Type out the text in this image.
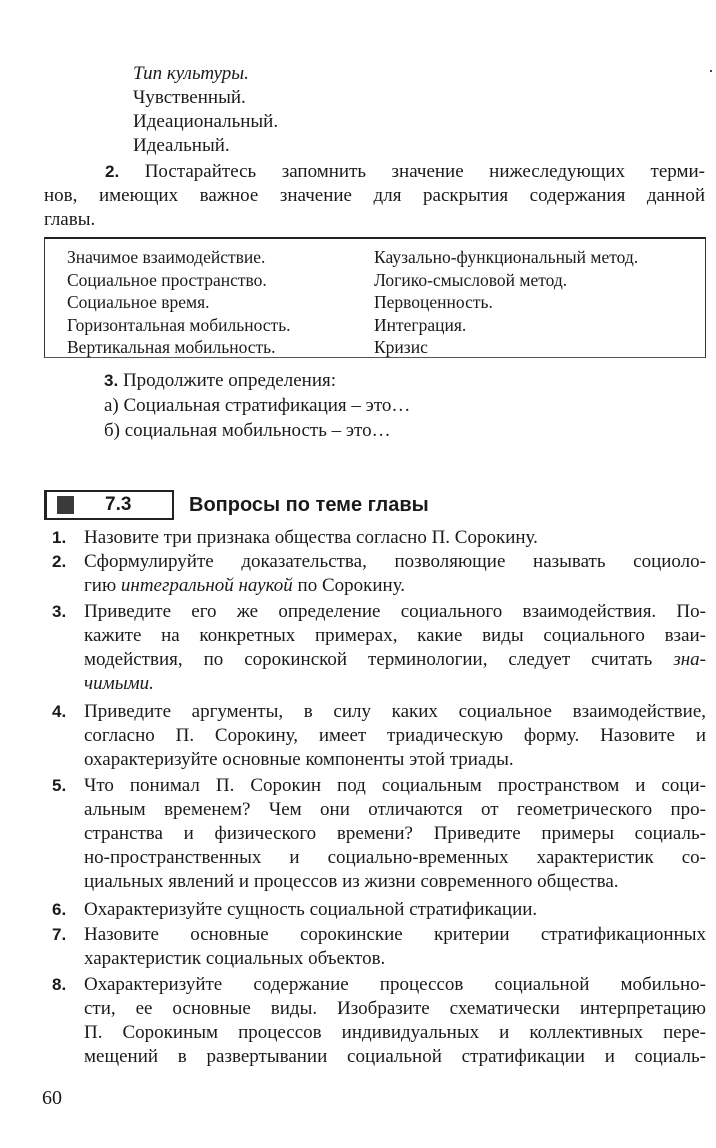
Тип культуры.
Чувственный.
Идеациональный.
Идеальный.
2. Постарайтесь запомнить значение нижеследующих терми-
нов, имеющих важное значение для раскрытия содержания данной
главы.
Значимое взаимодействие.
Социальное пространство.
Социальное время.
Горизонтальная мобильность.
Вертикальная мобильность.
Каузально-функциональный метод.
Логико-смысловой метод.
Первоценность.
Интеграция.
Кризис
3. Продолжите определения:
а) Социальная стратификация – это…
б) социальная мобильность – это…
7.3	Вопросы по теме главы
1. Назовите три признака общества согласно П. Сорокину.
2. Сформулируйте доказательства, позволяющие называть социоло-
гию интегральной наукой по Сорокину.
3. Приведите его же определение социального взаимодействия. По-
кажите на конкретных примерах, какие виды социального взаи-
модействия, по сорокинской терминологии, следует считать зна-
чимыми.
4. Приведите аргументы, в силу каких социальное взаимодействие,
согласно П. Сорокину, имеет триадическую форму. Назовите и
охарактеризуйте основные компоненты этой триады.
5. Что понимал П. Сорокин под социальным пространством и соци-
альным временем? Чем они отличаются от геометрического про-
странства и физического времени? Приведите примеры социаль-
но-пространственных и социально-временных характеристик со-
циальных явлений и процессов из жизни современного общества.
6. Охарактеризуйте сущность социальной стратификации.
7. Назовите основные сорокинские критерии стратификационных
характеристик социальных объектов.
8. Охарактеризуйте содержание процессов социальной мобильно-
сти, ее основные виды. Изобразите схематически интерпретацию
П. Сорокиным процессов индивидуальных и коллективных пере-
мещений в развертывании социальной стратификации и социаль-
60
